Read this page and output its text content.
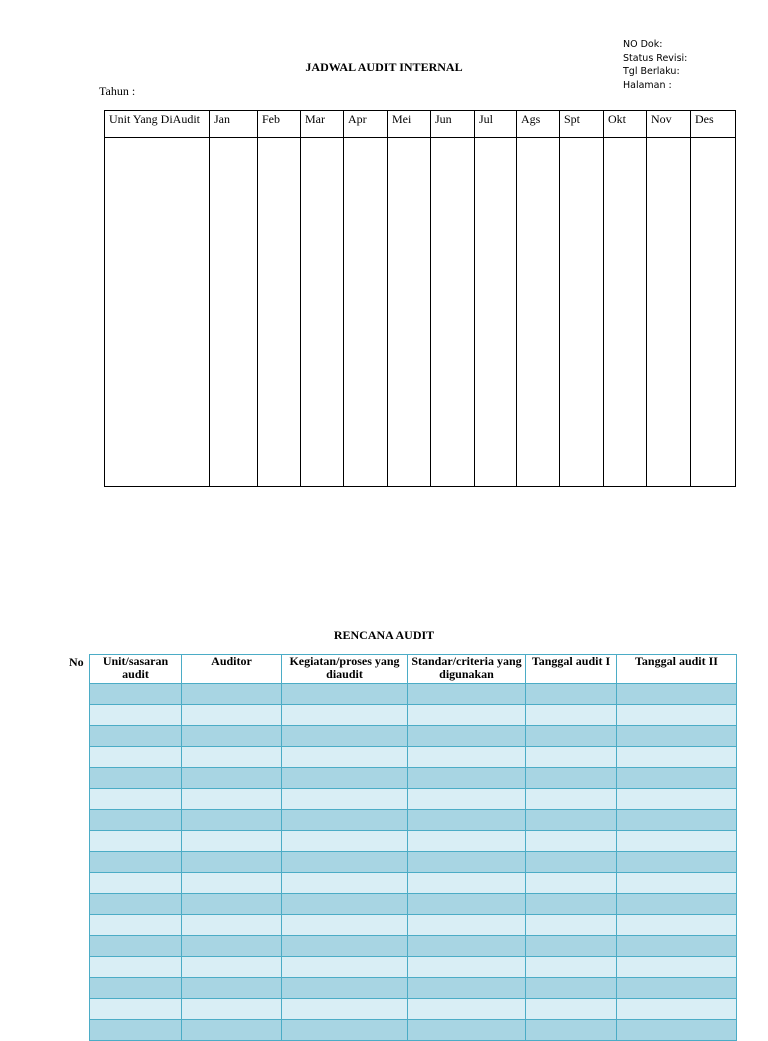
NO Dok:
Status Revisi:
Tgl Berlaku:
Halaman :
JADWAL AUDIT INTERNAL
Tahun :
Unit Yang DiAudit	Jan	Feb	Mar	Apr	Mei	Jun	Jul	Ags	Spt	Okt	Nov	Des

RENCANA AUDIT
No Unit/sasaran audit	Auditor	Kegiatan/proses yang diaudit	Standar/criteria yang digunakan	Tanggal audit I	Tanggal audit II
